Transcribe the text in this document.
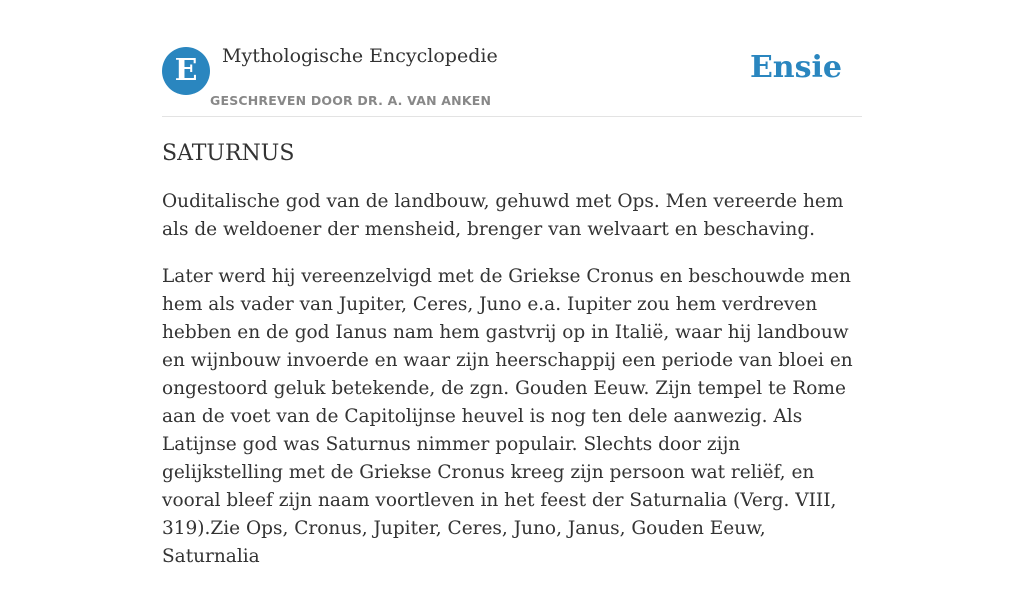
E	Mythologische Encyclopedie
GESCHREVEN DOOR DR. A. VAN ANKEN
Ensie
SATURNUS

Ouditalische god van de landbouw, gehuwd met Ops. Men vereerde hem als de weldoener der mensheid, brenger van welvaart en beschaving.

Later werd hij vereenzelvigd met de Griekse Cronus en beschouwde men hem als vader van Jupiter, Ceres, Juno e.a. Iupiter zou hem verdreven hebben en de god Ianus nam hem gastvrij op in Italië, waar hij landbouw en wijnbouw invoerde en waar zijn heerschappij een periode van bloei en ongestoord geluk betekende, de zgn. Gouden Eeuw. Zijn tempel te Rome aan de voet van de Capitolijnse heuvel is nog ten dele aanwezig. Als Latijnse god was Saturnus nimmer populair. Slechts door zijn gelijkstelling met de Griekse Cronus kreeg zijn persoon wat reliëf, en vooral bleef zijn naam voortleven in het feest der Saturnalia (Verg. VIII, 319).Zie Ops, Cronus, Jupiter, Ceres, Juno, Janus, Gouden Eeuw, Saturnalia
